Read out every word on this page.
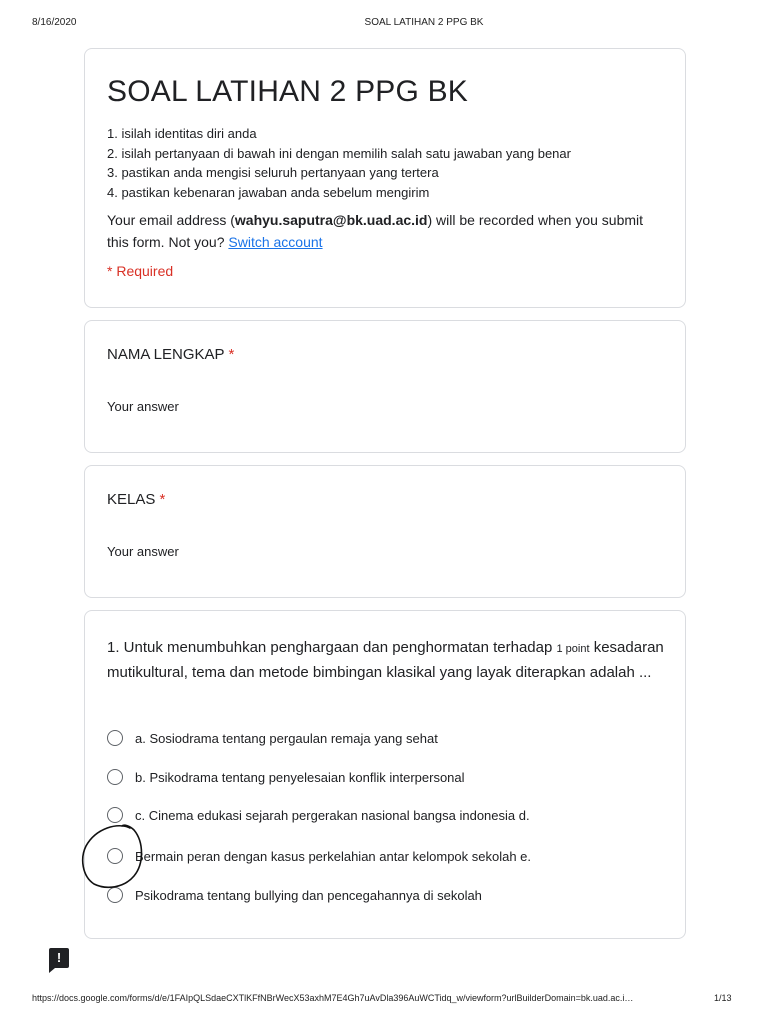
8/16/2020	SOAL LATIHAN 2 PPG BK
SOAL LATIHAN 2 PPG BK
1. isilah identitas diri anda
2. isilah pertanyaan di bawah ini dengan memilih salah satu jawaban yang benar
3. pastikan anda mengisi seluruh pertanyaan yang tertera
4. pastikan kebenaran jawaban anda sebelum mengirim
Your email address (wahyu.saputra@bk.uad.ac.id) will be recorded when you submit this form. Not you? Switch account
* Required
NAMA LENGKAP *
Your answer
KELAS *
Your answer
1. Untuk menumbuhkan penghargaan dan penghormatan terhadap 1 point kesadaran mutikultural, tema dan metode bimbingan klasikal yang layak diterapkan adalah ...
a. Sosiodrama tentang pergaulan remaja yang sehat
b. Psikodrama tentang penyelesaian konflik interpersonal
c. Cinema edukasi sejarah pergerakan nasional bangsa indonesia d.
Bermain peran dengan kasus perkelahian antar kelompok sekolah e.
Psikodrama tentang bullying dan pencegahannya di sekolah
!
https://docs.google.com/forms/d/e/1FAIpQLSdaeCXTlKFfNBrWecX53axhM7E4Gh7uAvDla396AuWCTidq_w/viewform?urlBuilderDomain=bk.uad.ac.i…	1/13
